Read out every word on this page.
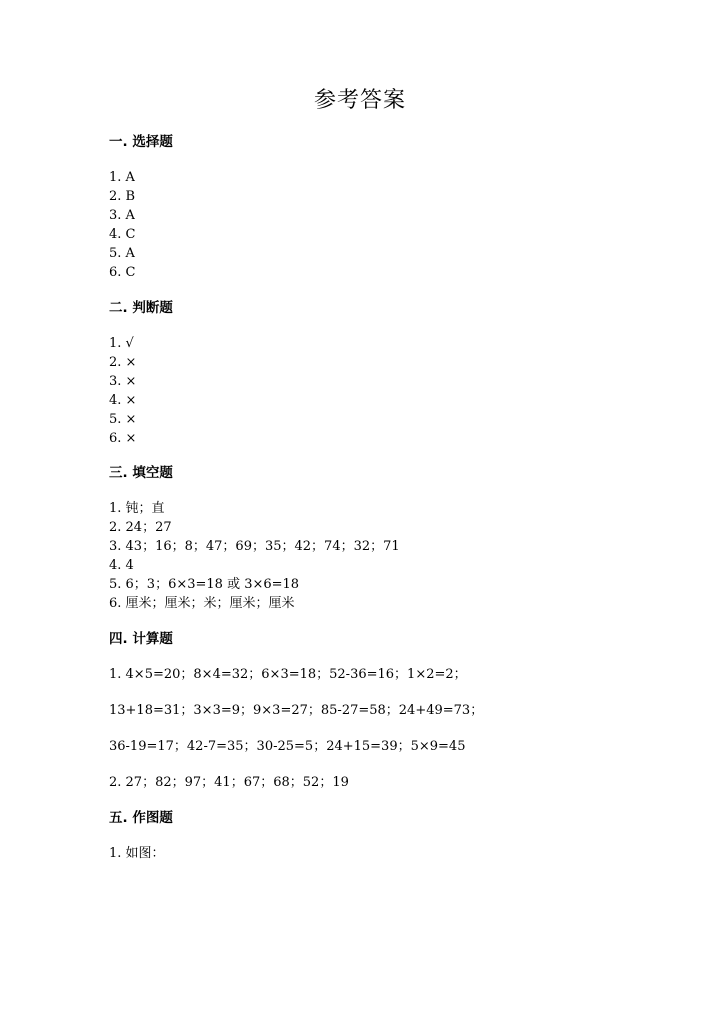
参考答案
一. 选择题
1. A
2. B
3. A
4. C
5. A
6. C
二. 判断题
1. √
2. ×
3. ×
4. ×
5. ×
6. ×
三. 填空题
1. 钝；直
2. 24；27
3. 43；16；8；47；69；35；42；74；32；71
4. 4
5. 6；3；6×3=18 或 3×6=18
6. 厘米；厘米；米；厘米；厘米
四. 计算题
1. 4×5=20；8×4=32；6×3=18；52-36=16；1×2=2；
13+18=31；3×3=9；9×3=27；85-27=58；24+49=73；
36-19=17；42-7=35；30-25=5；24+15=39；5×9=45
2. 27；82；97；41；67；68；52；19
五. 作图题
1. 如图：
